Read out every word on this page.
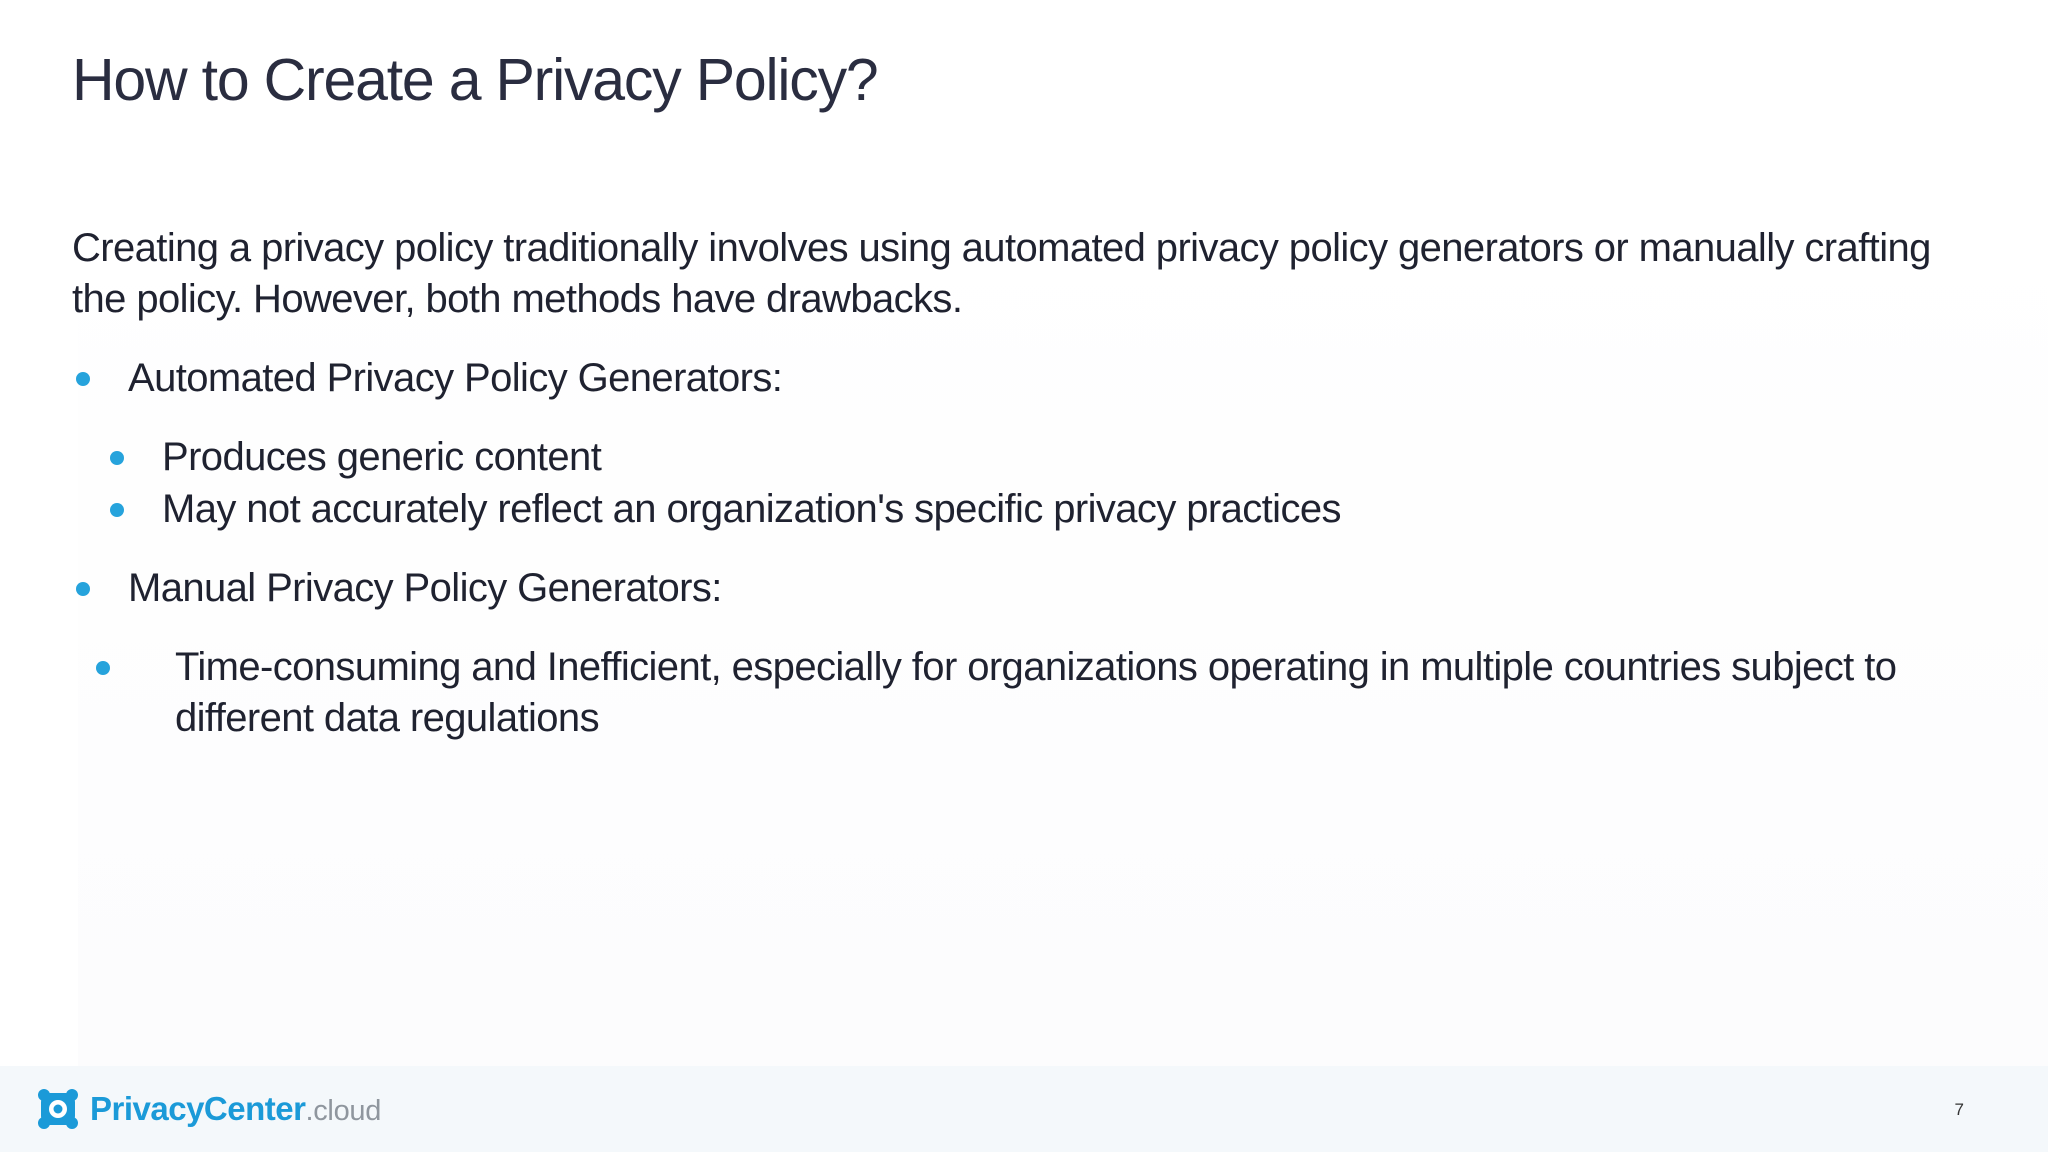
How to Create a Privacy Policy?

Creating a privacy policy traditionally involves using automated privacy policy generators or manually crafting the policy. However, both methods have drawbacks.

Automated Privacy Policy Generators:
Produces generic content
May not accurately reflect an organization's specific privacy practices
Manual Privacy Policy Generators:
Time-consuming and Inefficient, especially for organizations operating in multiple countries subject to different data regulations
PrivacyCenter.cloud	7
